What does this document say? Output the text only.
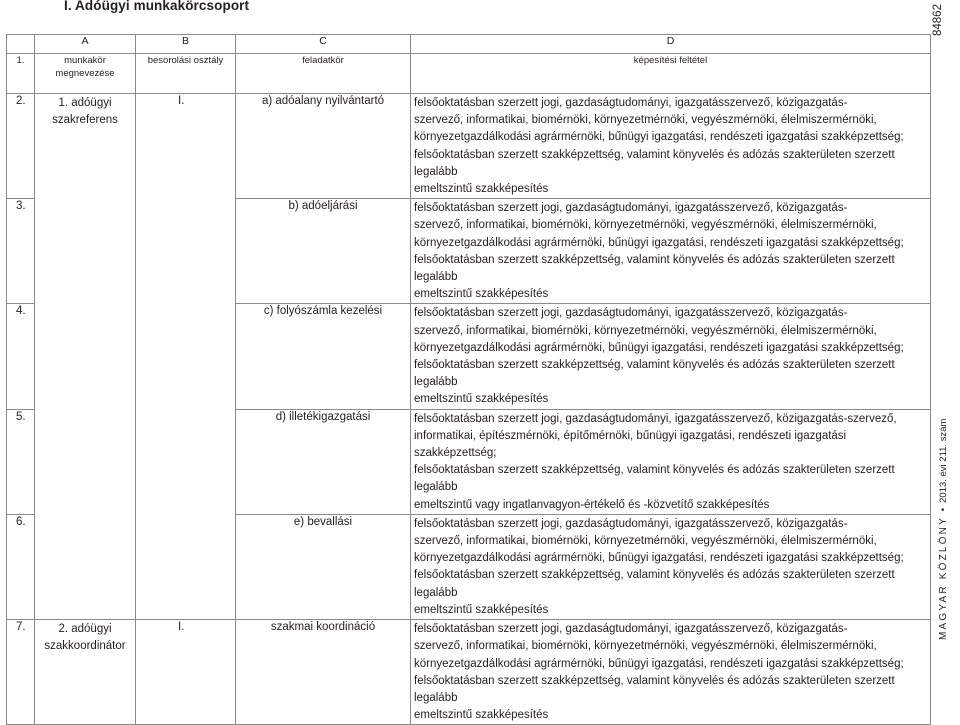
I. Adóügyi munkakörcsoport	84862
MAGYAR KÖZLÖNY • 2013. évi 211. szám
	A	B	C	D
1.	munkakör
megnevezése	besorolási osztály	feladatkör	képesítési feltétel
2.	1. adóügyi
szakreferens	I.	a) adóalany nyilvántartó	felsőoktatásban szerzett jogi, gazdaságtudományi, igazgatásszervező, közigazgatás-
szervező, informatikai, biomérnöki, környezetmérnöki, vegyészmérnöki, élelmiszermérnöki,
környezetgazdálkodási agrármérnöki, bűnügyi igazgatási, rendészeti igazgatási szakképzettség;
felsőoktatásban szerzett szakképzettség, valamint könyvelés és adózás szakterületen szerzett legalább
emeltszintű szakképesítés

3.			b) adóeljárási	felsőoktatásban szerzett jogi, gazdaságtudományi, igazgatásszervező, közigazgatás-
szervező, informatikai, biomérnöki, környezetmérnöki, vegyészmérnöki, élelmiszermérnöki,
környezetgazdálkodási agrármérnöki, bűnügyi igazgatási, rendészeti igazgatási szakképzettség;
felsőoktatásban szerzett szakképzettség, valamint könyvelés és adózás szakterületen szerzett legalább
emeltszintű szakképesítés

4.			c) folyószámla kezelési	felsőoktatásban szerzett jogi, gazdaságtudományi, igazgatásszervező, közigazgatás-
szervező, informatikai, biomérnöki, környezetmérnöki, vegyészmérnöki, élelmiszermérnöki,
környezetgazdálkodási agrármérnöki, bűnügyi igazgatási, rendészeti igazgatási szakképzettség;
felsőoktatásban szerzett szakképzettség, valamint könyvelés és adózás szakterületen szerzett legalább
emeltszintű szakképesítés

5.			d) illetékigazgatási	felsőoktatásban szerzett jogi, gazdaságtudományi, igazgatásszervező, közigazgatás-szervező,
informatikai, építészmérnöki, építőmérnöki, bűnügyi igazgatási, rendészeti igazgatási szakképzettség;
felsőoktatásban szerzett szakképzettség, valamint könyvelés és adózás szakterületen szerzett legalább
emeltszintű vagy ingatlanvagyon-értékelő és -közvetítő szakképesítés

6.			e) bevallási	felsőoktatásban szerzett jogi, gazdaságtudományi, igazgatásszervező, közigazgatás-
szervező, informatikai, biomérnöki, környezetmérnöki, vegyészmérnöki, élelmiszermérnöki,
környezetgazdálkodási agrármérnöki, bűnügyi igazgatási, rendészeti igazgatási szakképzettség;
felsőoktatásban szerzett szakképzettség, valamint könyvelés és adózás szakterületen szerzett legalább
emeltszintű szakképesítés

7.	2. adóügyi
szakkoordinátor	I.	szakmai koordináció	felsőoktatásban szerzett jogi, gazdaságtudományi, igazgatásszervező, közigazgatás-
szervező, informatikai, biomérnöki, környezetmérnöki, vegyészmérnöki, élelmiszermérnöki,
környezetgazdálkodási agrármérnöki, bűnügyi igazgatási, rendészeti igazgatási szakképzettség;
felsőoktatásban szerzett szakképzettség, valamint könyvelés és adózás szakterületen szerzett legalább
emeltszintű szakképesítés
